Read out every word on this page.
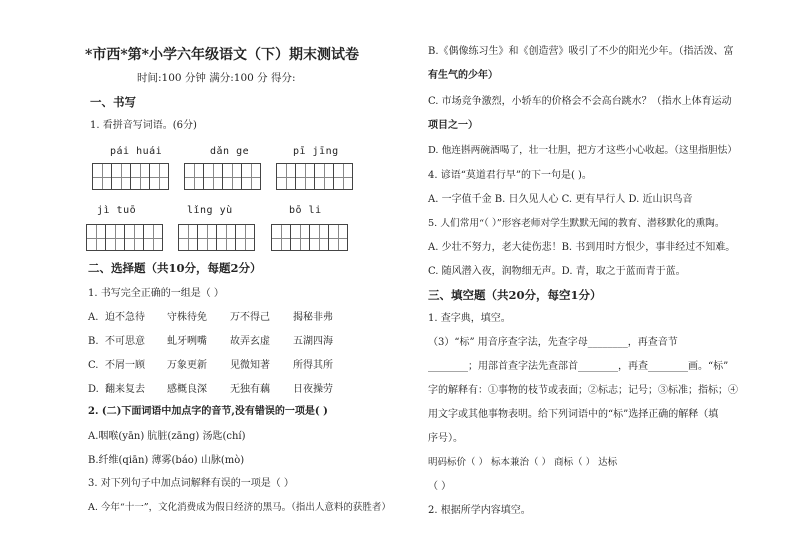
*市西*第*小学六年级语文（下）期末测试卷
时间:100 分钟 满分:100 分 得分:
一、书写
1. 看拼音写词语。(6分)
pái huái	dǎn ge	pī jīng
jì tuō	lǐng yù	bō li
二、选择题（共10分，每题2分）
1. 书写完全正确的一组是（ ）
A. 迫不急待 守株待免 万不得己 揭秘非弗
B. 不可思意 虬牙咧嘴 故弄玄虚 五湖四海
C. 不屑一顾 万象更新 见微知著 所得其所
D. 翻来复去 感概良深 无独有藕 日夜操劳
2. (二)下面词语中加点字的音节,没有错误的一项是( )
A.咽喉(yān) 肮脏(zāng) 汤匙(chí)
B.纤维(qiān) 薄雾(báo) 山脉(mò)
3. 对下列句子中加点词解释有误的一项是（ ）
A. 今年“十一”，文化消费成为假日经济的黑马。（指出人意料的获胜者）
B.《偶像练习生》和《创造营》吸引了不少的阳光少年。（指活泼、富
有生气的少年）
C. 市场竞争激烈，小轿车的价格会不会高台跳水？（指水上体育运动
项目之一）
D. 他连斟两碗酒喝了，壮一壮胆，把方才这些小心收起。（这里指胆怯）
4. 谚语“莫道君行早”的下一句是( )。
A. 一字值千金 B. 日久见人心 C. 更有早行人 D. 近山识鸟音
5. 人们常用“（ ）”形容老师对学生默默无闻的教育、潜移默化的熏陶。
A. 少壮不努力，老大徒伤悲！B. 书到用时方恨少，事非经过不知难。
C. 随风潜入夜，润物细无声。D. 青，取之于蓝而青于蓝。
三、填空题（共20分，每空1分）
1. 查字典，填空。
（3）“标” 用音序查字法，先查字母________，再查音节
________；用部首查字法先查部首________，再查________画。“标”
字的解释有：①事物的枝节或表面；②标志；记号；③标准；指标；④
用文字或其他事物表明。给下列词语中的“标”选择正确的解释（填
序号）。
明码标价（ ） 标本兼治（ ） 商标（ ） 达标
（ ）
2. 根据所学内容填空。
